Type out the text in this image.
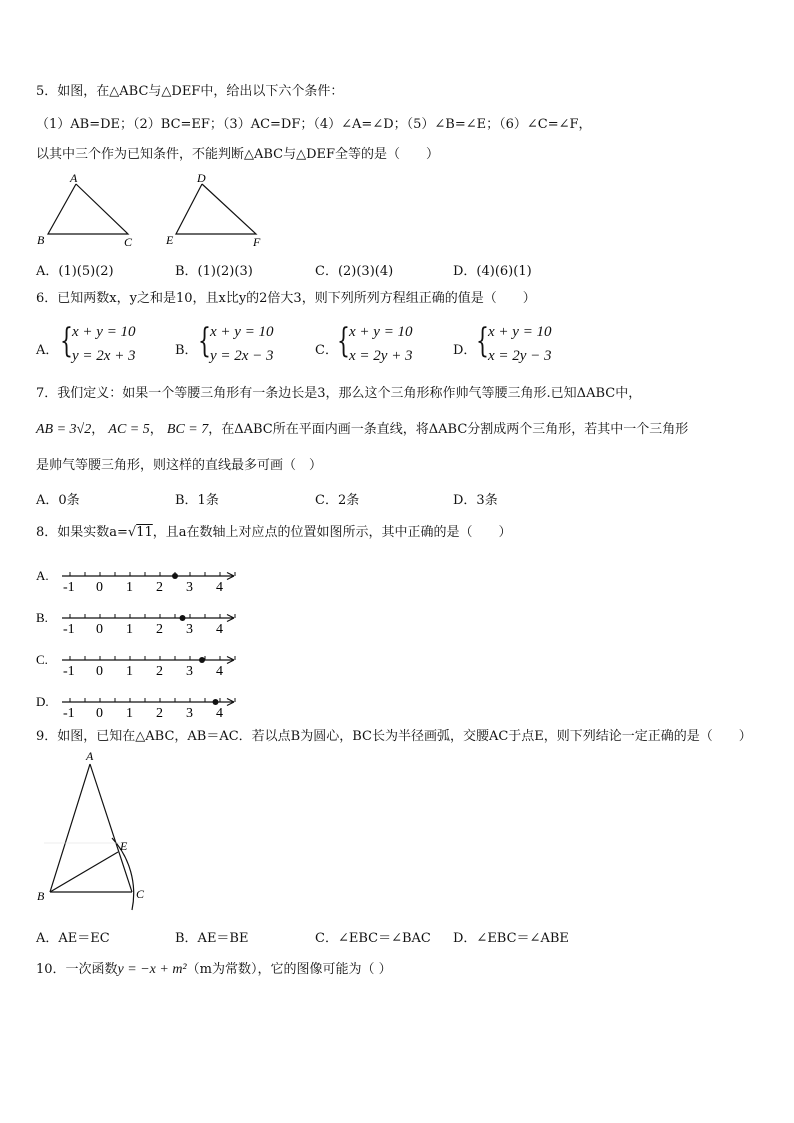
5．如图，在△ABC与△DEF中，给出以下六个条件：
（1）AB=DE；（2）BC=EF；（3）AC=DF；（4）∠A=∠D；（5）∠B=∠E；（6）∠C=∠F，
以其中三个作为已知条件，不能判断△ABC与△DEF全等的是（　　）
A
B	C
D
E	F
A．(1)(5)(2)	B．(1)(2)(3)	C．(2)(3)(4)	D．(4)(6)(1)
6．已知两数x，y之和是10，且x比y的2倍大3，则下列所列方程组正确的值是（　　）
A． { x + y = 10
y = 2x + 3	B． { x + y = 10
y = 2x − 3	C． { x + y = 10
x = 2y + 3	D． { x + y = 10
x = 2y − 3
7．我们定义：如果一个等腰三角形有一条边长是3，那么这个三角形称作帅气等腰三角形.已知ΔABC中，
AB = 3√2， AC = 5， BC = 7，在ΔABC所在平面内画一条直线，将ΔABC分割成两个三角形，若其中一个三角形
是帅气等腰三角形，则这样的直线最多可画（　）
A．0条	B．1条	C．2条	D．3条
8．如果实数a=√11，且a在数轴上对应点的位置如图所示，其中正确的是（　　）
A.
-1 0 1 2 3 4
B.
-1 0 1 2 3 4
C.
-1 0 1 2 3 4
D.
-1 0 1 2 3 4
9．如图，已知在△ABC，AB＝AC．若以点B为圆心，BC长为半径画弧，交腰AC于点E，则下列结论一定正确的是（　　）
A
E
B	C
A．AE＝EC	B．AE＝BE	C．∠EBC＝∠BAC D．∠EBC＝∠ABE
10．一次函数y = −x + m²（m为常数），它的图像可能为（ ）
